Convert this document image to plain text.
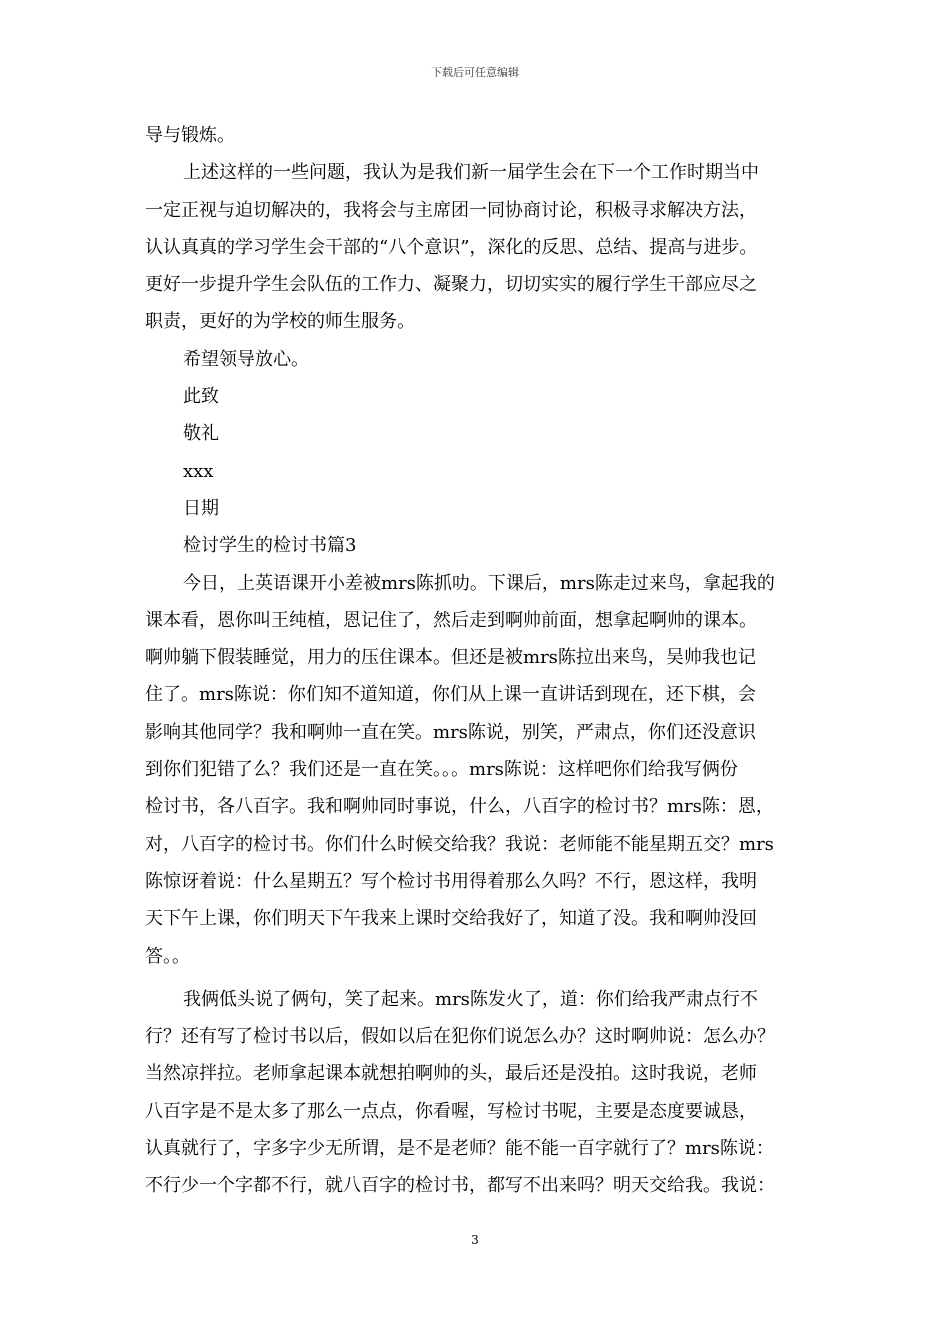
下载后可任意编辑

导与锻炼。

上述这样的一些问题，我认为是我们新一届学生会在下一个工作时期当中

一定正视与迫切解决的，我将会与主席团一同协商讨论，积极寻求解决方法，

认认真真的学习学生会干部的“八个意识”，深化的反思、总结、提高与进步。

更好一步提升学生会队伍的工作力、凝聚力，切切实实的履行学生干部应尽之

职责，更好的为学校的师生服务。

希望领导放心。

此致

敬礼

xxx

日期

检讨学生的检讨书篇3

今日，上英语课开小差被mrs陈抓叻。下课后，mrs陈走过来鸟，拿起我的

课本看，恩你叫王纯植，恩记住了，然后走到啊帅前面，想拿起啊帅的课本。

啊帅躺下假装睡觉，用力的压住课本。但还是被mrs陈拉出来鸟，吴帅我也记

住了。mrs陈说：你们知不道知道，你们从上课一直讲话到现在，还下棋，会

影响其他同学？我和啊帅一直在笑。mrs陈说，别笑，严肃点，你们还没意识

到你们犯错了么？我们还是一直在笑。。。mrs陈说：这样吧你们给我写俩份

检讨书，各八百字。我和啊帅同时事说，什么，八百字的检讨书？mrs陈：恩，

对，八百字的检讨书。你们什么时候交给我？我说：老师能不能星期五交？mrs

陈惊讶着说：什么星期五？写个检讨书用得着那么久吗？不行，恩这样，我明

天下午上课，你们明天下午我来上课时交给我好了，知道了没。我和啊帅没回

答。。

我俩低头说了俩句，笑了起来。mrs陈发火了，道：你们给我严肃点行不

行？还有写了检讨书以后，假如以后在犯你们说怎么办？这时啊帅说：怎么办？

当然凉拌拉。老师拿起课本就想拍啊帅的头，最后还是没拍。这时我说，老师

八百字是不是太多了那么一点点，你看喔，写检讨书呢，主要是态度要诚恳，

认真就行了，字多字少无所谓，是不是老师？能不能一百字就行了？mrs陈说：

不行少一个字都不行，就八百字的检讨书，都写不出来吗？明天交给我。我说：

3
